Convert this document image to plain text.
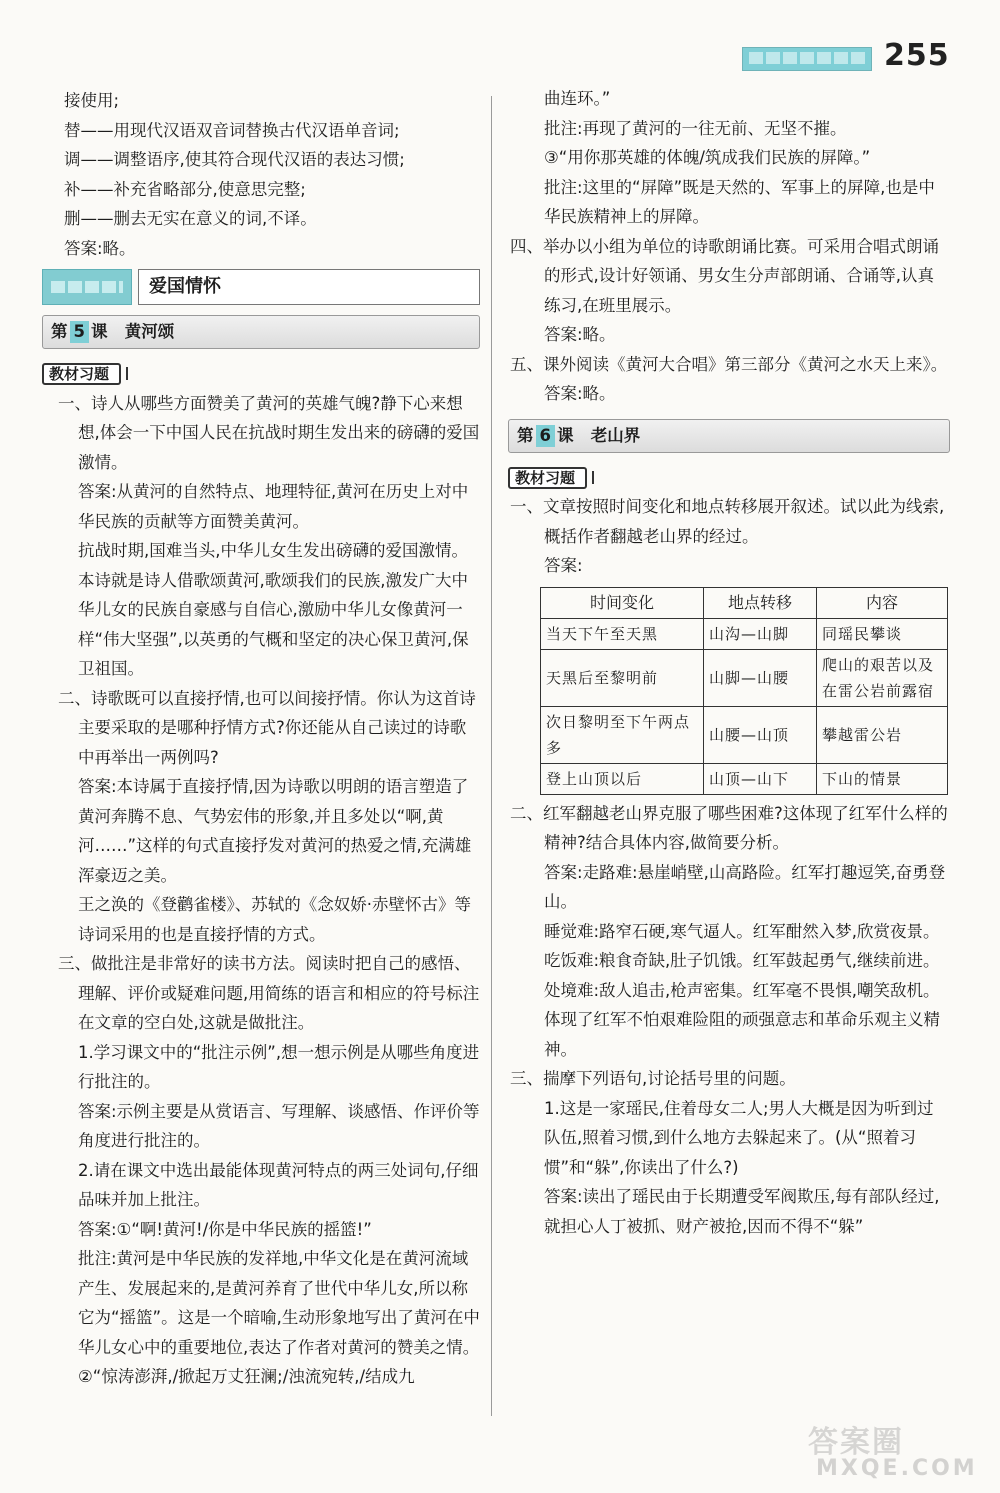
255
接使用;
替——用现代汉语双音词替换古代汉语单音词;
调——调整语序,使其符合现代汉语的表达习惯;
补——补充省略部分,使意思完整;
删——删去无实在意义的词,不译。
答案:略。
爱国情怀
第 5 课 黄河颂
教材习题
一、诗人从哪些方面赞美了黄河的英雄气魄?静下心来想想,体会一下中国人民在抗战时期生发出来的磅礴的爱国激情。
答案:从黄河的自然特点、地理特征,黄河在历史上对中华民族的贡献等方面赞美黄河。
抗战时期,国难当头,中华儿女生发出磅礴的爱国激情。本诗就是诗人借歌颂黄河,歌颂我们的民族,激发广大中华儿女的民族自豪感与自信心,激励中华儿女像黄河一样“伟大坚强”,以英勇的气概和坚定的决心保卫黄河,保卫祖国。
二、诗歌既可以直接抒情,也可以间接抒情。你认为这首诗主要采取的是哪种抒情方式?你还能从自己读过的诗歌中再举出一两例吗?
答案:本诗属于直接抒情,因为诗歌以明朗的语言塑造了黄河奔腾不息、气势宏伟的形象,并且多处以“啊,黄河……”这样的句式直接抒发对黄河的热爱之情,充满雄浑豪迈之美。
王之涣的《登鹳雀楼》、苏轼的《念奴娇·赤壁怀古》等诗词采用的也是直接抒情的方式。
三、做批注是非常好的读书方法。阅读时把自己的感悟、理解、评价或疑难问题,用简练的语言和相应的符号标注在文章的空白处,这就是做批注。
1.学习课文中的“批注示例”,想一想示例是从哪些角度进行批注的。
答案:示例主要是从赏语言、写理解、谈感悟、作评价等角度进行批注的。
2.请在课文中选出最能体现黄河特点的两三处词句,仔细品味并加上批注。
答案:①“啊!黄河!/你是中华民族的摇篮!”
批注:黄河是中华民族的发祥地,中华文化是在黄河流域产生、发展起来的,是黄河养育了世代中华儿女,所以称它为“摇篮”。这是一个暗喻,生动形象地写出了黄河在中华儿女心中的重要地位,表达了作者对黄河的赞美之情。
②“惊涛澎湃,/掀起万丈狂澜;/浊流宛转,/结成九
曲连环。”
批注:再现了黄河的一往无前、无坚不摧。
③“用你那英雄的体魄/筑成我们民族的屏障。”
批注:这里的“屏障”既是天然的、军事上的屏障,也是中华民族精神上的屏障。
四、举办以小组为单位的诗歌朗诵比赛。可采用合唱式朗诵的形式,设计好领诵、男女生分声部朗诵、合诵等,认真练习,在班里展示。
答案:略。
五、课外阅读《黄河大合唱》第三部分《黄河之水天上来》。
答案:略。
第 6 课 老山界
教材习题
一、文章按照时间变化和地点转移展开叙述。试以此为线索,概括作者翻越老山界的经过。
答案:
时间变化	地点转移	内容
当天下午至天黑	山沟—山脚	同瑶民攀谈
天黑后至黎明前	山脚—山腰	爬山的艰苦以及在雷公岩前露宿
次日黎明至下午两点多	山腰—山顶	攀越雷公岩
登上山顶以后	山顶—山下	下山的情景
二、红军翻越老山界克服了哪些困难?这体现了红军什么样的精神?结合具体内容,做简要分析。
答案:走路难:悬崖峭壁,山高路险。红军打趣逗笑,奋勇登山。
睡觉难:路窄石硬,寒气逼人。红军酣然入梦,欣赏夜景。
吃饭难:粮食奇缺,肚子饥饿。红军鼓起勇气,继续前进。
处境难:敌人追击,枪声密集。红军毫不畏惧,嘲笑敌机。
体现了红军不怕艰难险阻的顽强意志和革命乐观主义精神。
三、揣摩下列语句,讨论括号里的问题。
1.这是一家瑶民,住着母女二人;男人大概是因为听到过队伍,照着习惯,到什么地方去躲起来了。(从“照着习惯”和“躲”,你读出了什么?)
答案:读出了瑶民由于长期遭受军阀欺压,每有部队经过,就担心人丁被抓、财产被抢,因而不得不“躲”
答案圈
MXQE.COM
